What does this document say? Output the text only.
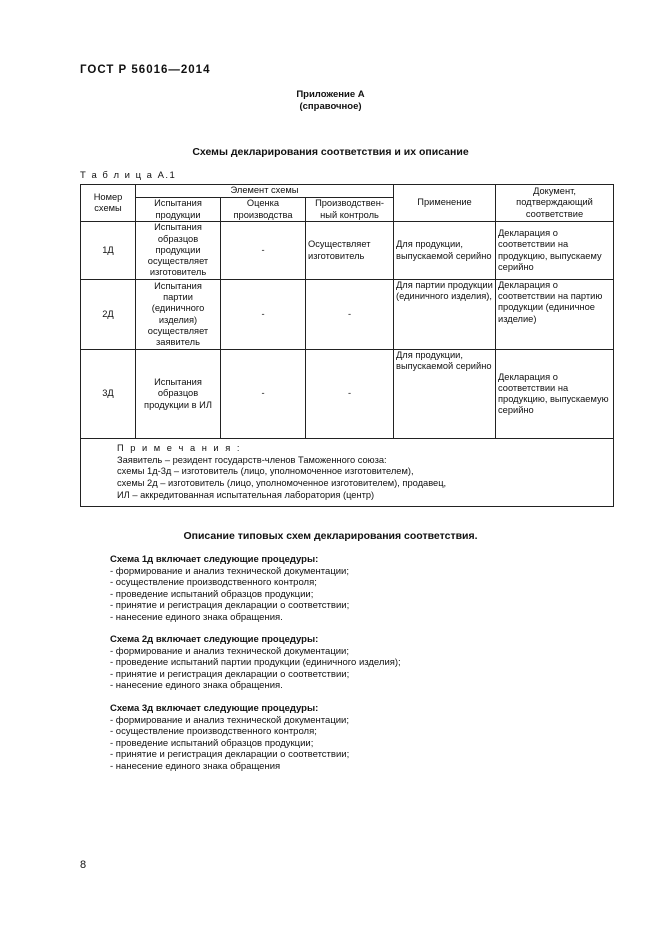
ГОСТ Р 56016—2014
Приложение А
(справочное)
Схемы декларирования соответствия и их описание
Т а б л и ц а А.1
Номер схемы	Элемент схемы			Применение	Документ, подтверждающий соответствие
	Испытания продукции	Оценка производства	Производствен-ный контроль		
1Д	Испытания образцов продукции осуществляет изготовитель	-	Осуществляет изготовитель	Для продукции, выпускаемой серийно	Декларация о соответствии на продукцию, выпускаему серийно
2Д	Испытания партии (единичного изделия) осуществляет заявитель	-	-	Для партии продукции (единичного изделия),	Декларация о соответствии на партию продукции (единичное изделие)
3Д	Испытания образцов продукции в ИЛ	-	-	Для продукции, выпускаемой серийно	Декларация о соответствии на продукцию, выпускаемую серийно

П р и м е ч а н и я :
Заявитель – резидент государств-членов Таможенного союза:
схемы 1д-3д – изготовитель (лицо, уполномоченное изготовителем),
схемы 2д – изготовитель (лицо, уполномоченное изготовителем), продавец,
ИЛ – аккредитованная испытательная лаборатория (центр)					
Описание типовых схем декларирования соответствия.
Схема 1д включает следующие процедуры:
- формирование и анализ технической документации;
- осуществление производственного контроля;
- проведение испытаний образцов продукции;
- принятие и регистрация декларации о соответствии;
- нанесение единого знака обращения.
Схема 2д включает следующие процедуры:
- формирование и анализ технической документации;
- проведение испытаний партии продукции (единичного изделия);
- принятие и регистрация декларации о соответствии;
- нанесение единого знака обращения.
Схема 3д включает следующие процедуры:
- формирование и анализ технической документации;
- осуществление производственного контроля;
- проведение испытаний образцов продукции;
- принятие и регистрация декларации о соответствии;
- нанесение единого знака обращения
8
